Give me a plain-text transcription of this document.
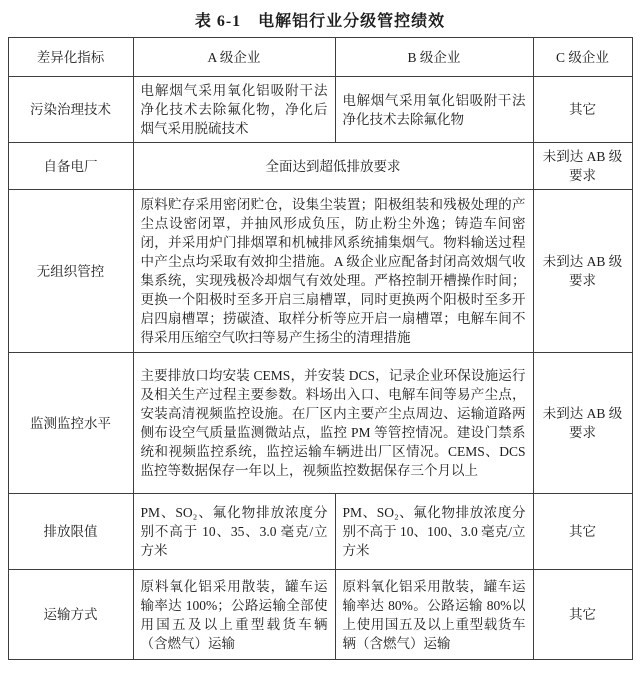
表 6-1　电解铝行业分级管控绩效
差异化指标	A 级企业	B 级企业	C 级企业
污染治理技术	电解烟气采用氧化铝吸附干法净化技术去除氟化物，净化后烟气采用脱硫技术	电解烟气采用氧化铝吸附干法净化技术去除氟化物	其它
自备电厂	全面达到超低排放要求		未到达 AB 级要求
无组织管控	原料贮存采用密闭贮仓，设集尘装置；阳极组装和残极处理的产尘点设密闭罩，并抽风形成负压，防止粉尘外逸；铸造车间密闭，并采用炉门排烟罩和机械排风系统捕集烟气。物料输送过程中产尘点均采取有效抑尘措施。A 级企业应配备封闭高效烟气收集系统，实现残极冷却烟气有效处理。严格控制开槽操作时间；更换一个阳极时至多开启三扇槽罩，同时更换两个阳极时至多开启四扇槽罩；捞碳渣、取样分析等应开启一扇槽罩；电解车间不得采用压缩空气吹扫等易产生扬尘的清理措施		未到达 AB 级要求
监测监控水平	主要排放口均安装 CEMS，并安装 DCS，记录企业环保设施运行及相关生产过程主要参数。料场出入口、电解车间等易产尘点，安装高清视频监控设施。在厂区内主要产尘点周边、运输道路两侧布设空气质量监测微站点，监控 PM 等管控情况。建设门禁系统和视频监控系统，监控运输车辆进出厂区情况。CEMS、DCS 监控等数据保存一年以上，视频监控数据保存三个月以上		未到达 AB 级要求
排放限值	PM、SO₂、氟化物排放浓度分别不高于 10、35、3.0 毫克/立方米	PM、SO₂、氟化物排放浓度分别不高于 10、100、3.0 毫克/立方米	其它
运输方式	原料氧化铝采用散装，罐车运输率达 100%；公路运输全部使用国五及以上重型载货车辆（含燃气）运输	原料氧化铝采用散装，罐车运输率达 80%。公路运输 80%以上使用国五及以上重型载货车辆（含燃气）运输	其它
